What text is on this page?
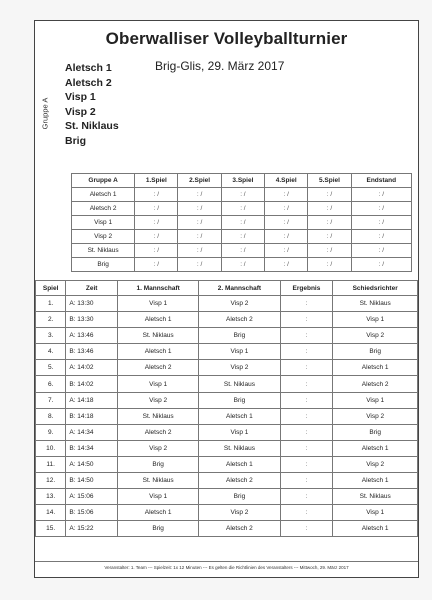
Oberwalliser Volleyballturnier
Brig-Glis, 29. März 2017
Gruppe A
Aletsch 1
Aletsch 2
Visp 1
Visp 2
St. Niklaus
Brig
Gruppe A	1.Spiel	2.Spiel	3.Spiel	4.Spiel	5.Spiel	Endstand
Aletsch 1	: /	: /	: /	: /	: /	: /
Aletsch 2	: /	: /	: /	: /	: /	: /
Visp 1	: /	: /	: /	: /	: /	: /
Visp 2	: /	: /	: /	: /	: /	: /
St. Niklaus	: /	: /	: /	: /	: /	: /
Brig	: /	: /	: /	: /	: /	: /
Spiel	Zeit	1. Mannschaft	2. Mannschaft	Ergebnis	Schiedsrichter
1.	A: 13:30	Visp 1	Visp 2	:	St. Niklaus
2.	B: 13:30	Aletsch 1	Aletsch 2	:	Visp 1
3.	A: 13:46	St. Niklaus	Brig	:	Visp 2
4.	B: 13:46	Aletsch 1	Visp 1	:	Brig
5.	A: 14:02	Aletsch 2	Visp 2	:	Aletsch 1
6.	B: 14:02	Visp 1	St. Niklaus	:	Aletsch 2
7.	A: 14:18	Visp 2	Brig	:	Visp 1
8.	B: 14:18	St. Niklaus	Aletsch 1	:	Visp 2
9.	A: 14:34	Aletsch 2	Visp 1	:	Brig
10.	B: 14:34	Visp 2	St. Niklaus	:	Aletsch 1
11.	A: 14:50	Brig	Aletsch 1	:	Visp 2
12.	B: 14:50	St. Niklaus	Aletsch 2	:	Aletsch 1
13.	A: 15:06	Visp 1	Brig	:	St. Niklaus
14.	B: 15:06	Aletsch 1	Visp 2	:	Visp 1
15.	A: 15:22	Brig	Aletsch 2	:	Aletsch 1
Veranstalter: 1. Team --- Spielzeit: 1x 12 Minuten --- Es gelten die Richtlinien des Veranstalters --- Mittwoch, 29. März 2017
